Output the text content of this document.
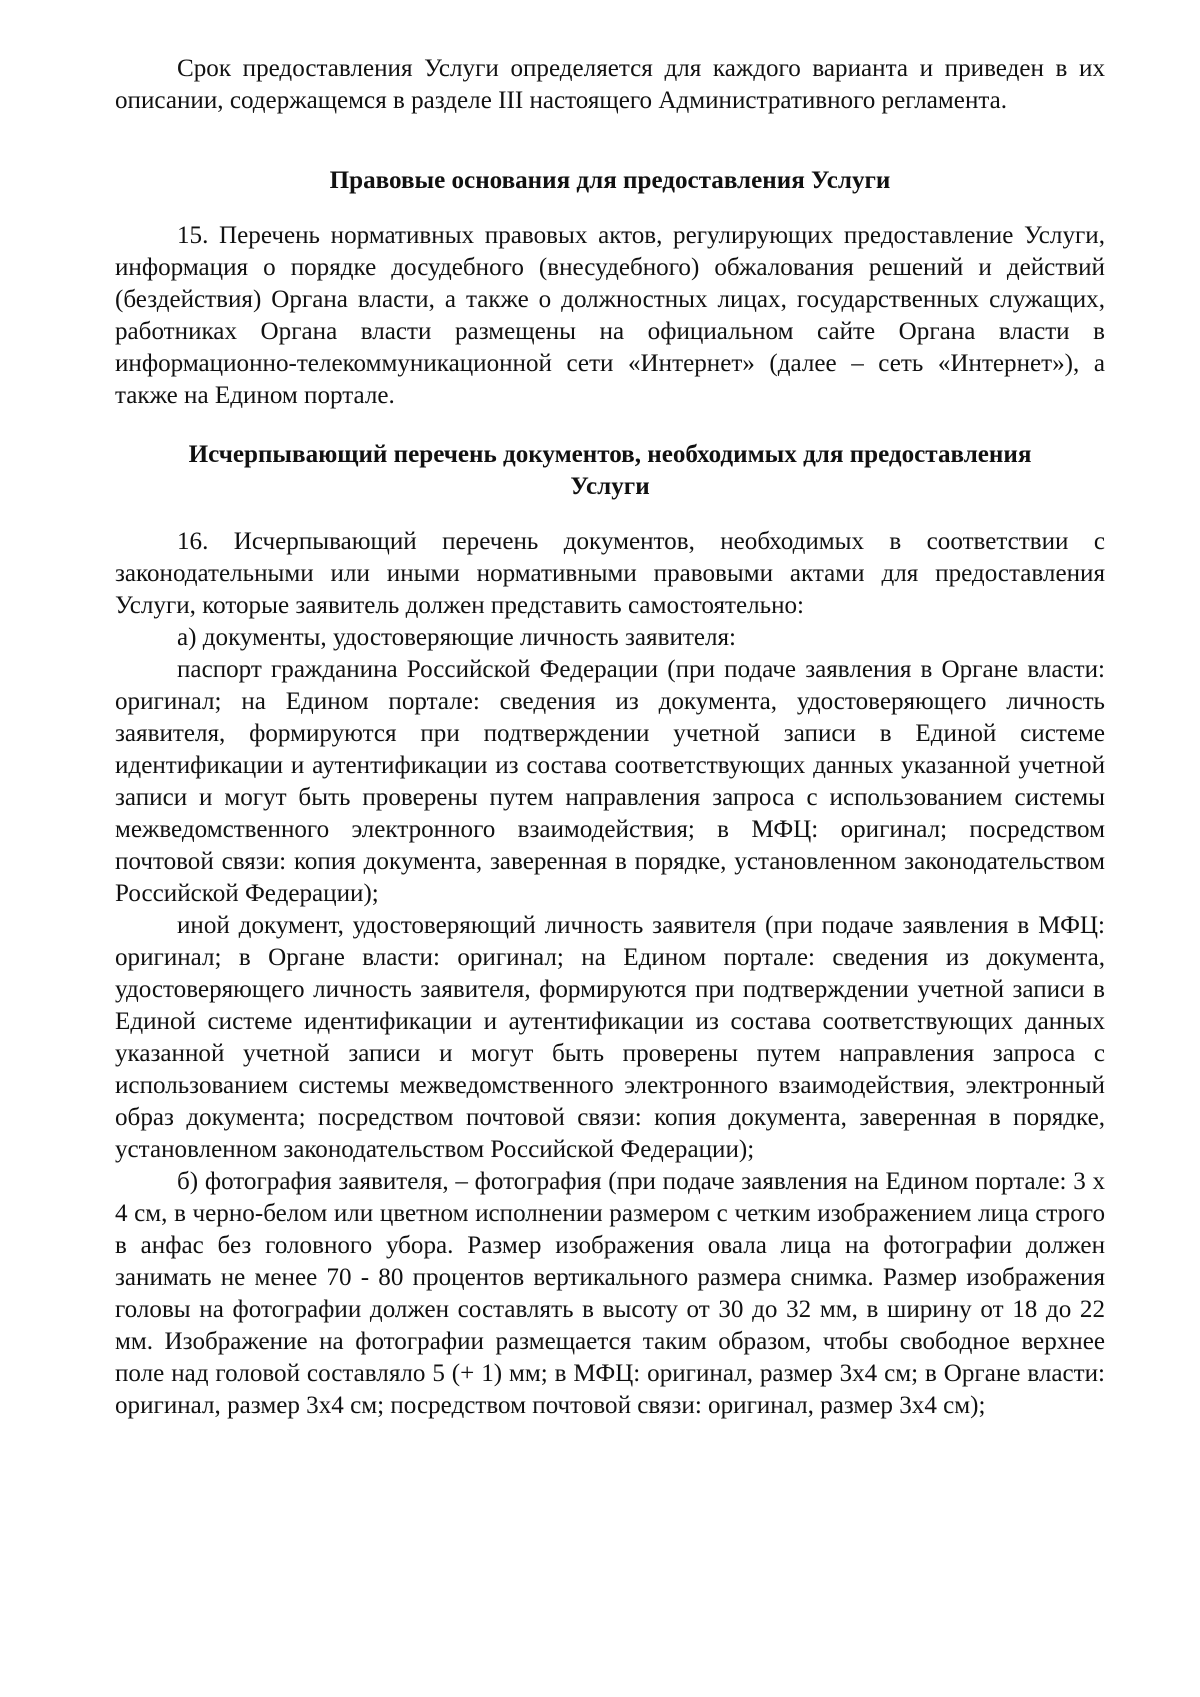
Срок предоставления Услуги определяется для каждого варианта и приведен в их описании, содержащемся в разделе III настоящего Административного регламента.

Правовые основания для предоставления Услуги

15. Перечень нормативных правовых актов, регулирующих предоставление Услуги, информация о порядке досудебного (внесудебного) обжалования решений и действий (бездействия) Органа власти, а также о должностных лицах, государственных служащих, работниках Органа власти размещены на официальном сайте Органа власти в информационно-телекоммуникационной сети «Интернет» (далее – сеть «Интернет»), а также на Едином портале.

Исчерпывающий перечень документов, необходимых для предоставления

Услуги

16. Исчерпывающий перечень документов, необходимых в соответствии с законодательными или иными нормативными правовыми актами для предоставления Услуги, которые заявитель должен представить самостоятельно:

а) документы, удостоверяющие личность заявителя:

паспорт гражданина Российской Федерации (при подаче заявления в Органе власти: оригинал; на Едином портале: сведения из документа, удостоверяющего личность заявителя, формируются при подтверждении учетной записи в Единой системе идентификации и аутентификации из состава соответствующих данных указанной учетной записи и могут быть проверены путем направления запроса с использованием системы межведомственного электронного взаимодействия; в МФЦ: оригинал; посредством почтовой связи: копия документа, заверенная в порядке, установленном законодательством Российской Федерации);

иной документ, удостоверяющий личность заявителя (при подаче заявления в МФЦ: оригинал; в Органе власти: оригинал; на Едином портале: сведения из документа, удостоверяющего личность заявителя, формируются при подтверждении учетной записи в Единой системе идентификации и аутентификации из состава соответствующих данных указанной учетной записи и могут быть проверены путем направления запроса с использованием системы межведомственного электронного взаимодействия, электронный образ документа; посредством почтовой связи: копия документа, заверенная в порядке, установленном законодательством Российской Федерации);

б) фотография заявителя, – фотография (при подаче заявления на Едином портале: 3 х 4 см, в черно-белом или цветном исполнении размером с четким изображением лица строго в анфас без головного убора. Размер изображения овала лица на фотографии должен занимать не менее 70 - 80 процентов вертикального размера снимка. Размер изображения головы на фотографии должен составлять в высоту от 30 до 32 мм, в ширину от 18 до 22 мм. Изображение на фотографии размещается таким образом, чтобы свободное верхнее поле над головой составляло 5 (+ 1) мм; в МФЦ: оригинал, размер 3x4 см; в Органе власти: оригинал, размер 3x4 см; посредством почтовой связи: оригинал, размер 3x4 см);
